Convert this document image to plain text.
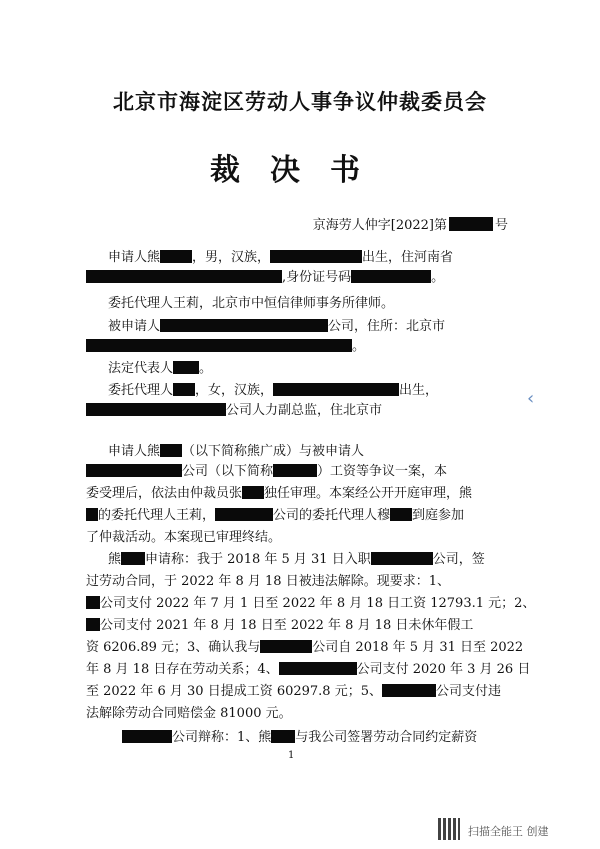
北京市海淀区劳动人事争议仲裁委员会
裁决书
京海劳人仲字[2022]第	号
申请人熊 ，男，汉族，	出生，住河南省
,身份证号码	。
委托代理人王莉，北京市中恒信律师事务所律师。
被申请人	公司，住所：北京市
。
法定代表人 。
委托代理人 ，女，汉族，	出生，
公司人力副总监，住北京市
申请人熊 （以下简称熊广成）与被申请人
公司（以下简称	）工资等争议一案，本
委受理后，依法由仲裁员张 独任审理。本案经公开开庭审理，熊
的委托代理人王莉，	公司的委托代理人穆 到庭参加
了仲裁活动。本案现已审理终结。
熊 申请称：我于 2018 年 5 月 31 日入职	公司，签
过劳动合同，于 2022 年 8 月 18 日被违法解除。现要求：1、
公司支付 2022 年 7 月 1 日至 2022 年 8 月 18 日工资 12793.1 元；2、
公司支付 2021 年 8 月 18 日至 2022 年 8 月 18 日未休年假工
资 6206.89 元；3、确认我与	公司自 2018 年 5 月 31 日至 2022
年 8 月 18 日存在劳动关系；4、	公司支付 2020 年 3 月 26 日
至 2022 年 6 月 30 日提成工资 60297.8 元；5、	公司支付违
法解除劳动合同赔偿金 81000 元。
公司辩称：1、熊 与我公司签署劳动合同约定薪资
‹
1
扫描全能王 创建
